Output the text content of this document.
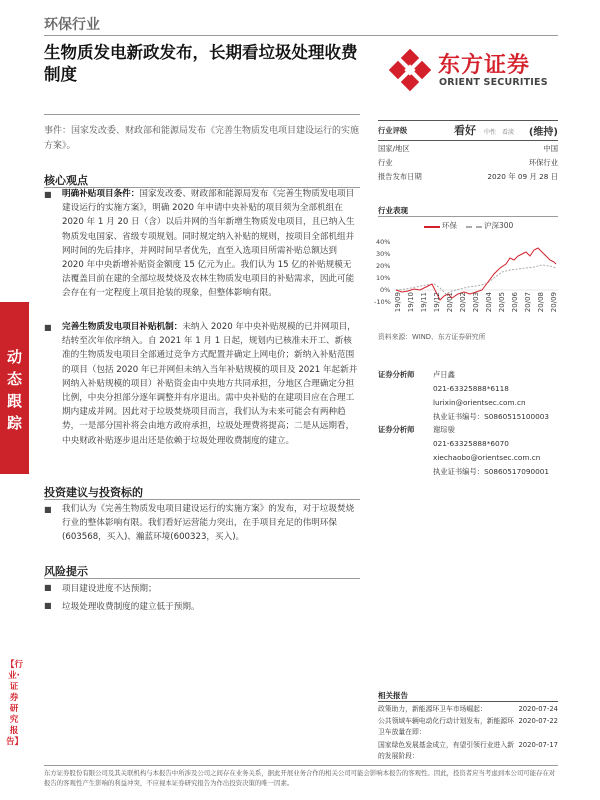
环保行业
生物质发电新政发布，长期看垃圾处理收费制度	东方证券
ORIENT SECURITIES
事件：国家发改委、财政部和能源局发布《完善生物质发电项目建设运行的实施方案》。
动态跟踪
【行业·证券研究报告】
核心观点
■	明确补贴项目条件：国家发改委、财政部和能源局发布《完善生物质发电项目建设运行的实施方案》，明确 2020 年申请中央补贴的项目须为全部机组在 2020 年 1 月 20 日（含）以后并网的当年新增生物质发电项目，且已纳入生物质发电国家、省级专项规划。同时规定纳入补贴的规则，按项目全部机组并网时间的先后排序，并网时间早者优先，直至入选项目所需补贴总额达到 2020 年中央新增补贴资金额度 15 亿元为止。我们认为 15 亿的补贴规模无法覆盖目前在建的全部垃圾焚烧及农林生物质发电项目的补贴需求，因此可能会存在有一定程度上项目抢装的现象，但整体影响有限。
■	完善生物质发电项目补贴机制：未纳入 2020 年中央补贴规模的已并网项目，结转至次年依序纳入。自 2021 年 1 月 1 日起，规划内已核准未开工、新核准的生物质发电项目全部通过竞争方式配置并确定上网电价；新纳入补贴范围的项目（包括 2020 年已并网但未纳入当年补贴规模的项目及 2021 年起新并网纳入补贴规模的项目）补贴资金由中央地方共同承担，分地区合理确定分担比例，中央分担部分逐年调整并有序退出。需中央补贴的在建项目应在合理工期内建成并网。因此对于垃圾焚烧项目而言，我们认为未来可能会有两种趋势，一是部分国补将会由地方政府承担，垃圾处理费将提高；二是从远期看，中央财政补贴逐步退出还是依赖于垃圾处理收费制度的建立。
投资建议与投资标的
■	我们认为《完善生物质发电项目建设运行的实施方案》的发布，对于垃圾焚烧行业的整体影响有限。我们看好运营能力突出，在手项目充足的伟明环保(603568，买入)、瀚蓝环境(600323，买入)。
风险提示
■	项目建设进度不达预期；
■	垃圾处理收费制度的建立低于预期。
行业评级	看好 中性 看淡 (维持)
国家/地区	中国
行业	环保行业
报告发布日期	2020 年 09 月 28 日
行业表现
环保	沪深300
40%
30%
20%
10%
0%
-10% 19/09 19/10 19/11 19/12 20/01 20/02 20/03 20/04 20/05 20/06 20/07 20/08 20/09
资料来源：WIND、东方证券研究所
证券分析师	卢日鑫
021-63325888*6118
lurixin@orientsec.com.cn
执业证书编号：S0860515100003
证券分析师	谢琮骏
021-63325888*6070
xiechaobo@orientsec.com.cn
执业证书编号：S0860517090001
相关报告
政策助力，新能源环卫车市场崛起：	2020-07-24
公共领域车辆电动化行动计划发布，新能源环卫车放量在即：
2020-07-22
国家绿色发展基金成立，有望引领行业进入新的发展阶段：
2020-07-17
东方证券股份有限公司及其关联机构与本报告中所涉及公司之间存在业务关系，据此开展业务合作的相关公司可能会影响本报告的客观性。因此，投资者应当考虑到本公司可能存在对报告的客观性产生影响的利益冲突，不应视本证券研究报告为作出投资决策的唯一因素。
